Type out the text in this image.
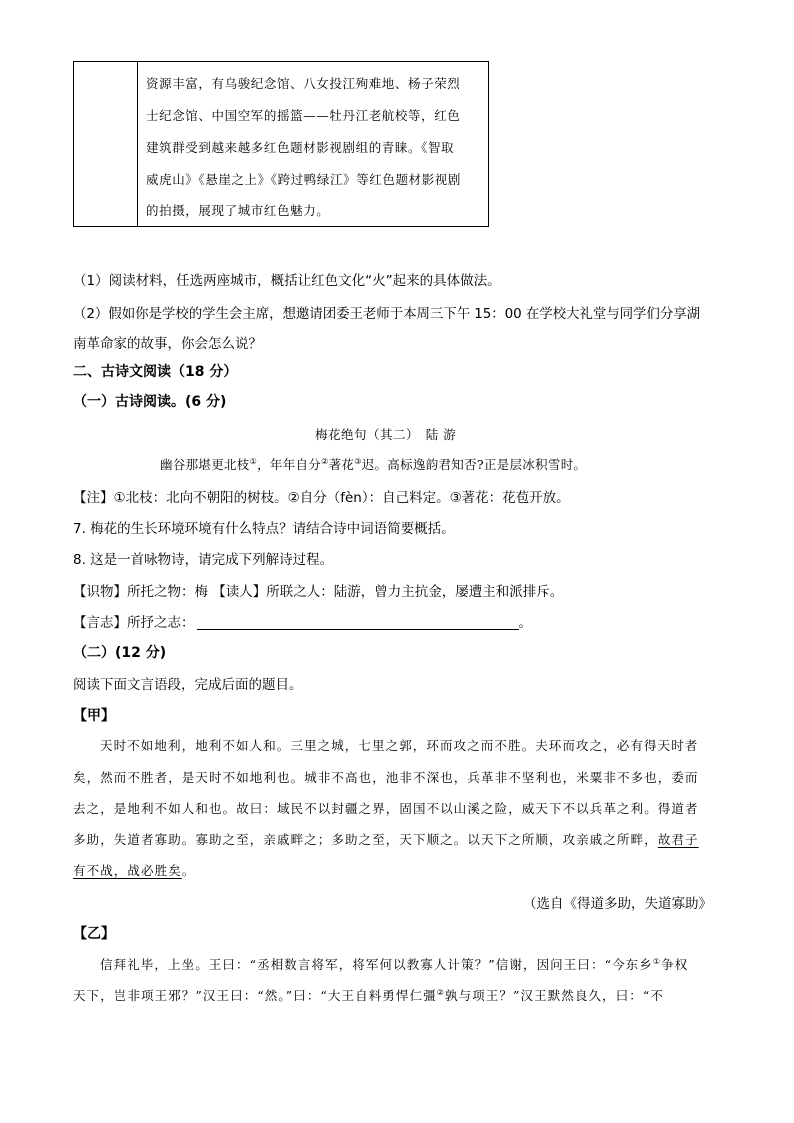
资源丰富，有乌骏纪念馆、八女投江殉难地、杨子荣烈
士纪念馆、中国空军的摇篮——牡丹江老航校等，红色
建筑群受到越来越多红色题材影视剧组的青睐。《智取
威虎山》《悬崖之上》《跨过鸭绿江》等红色题材影视剧
的拍摄，展现了城市红色魅力。
（1）阅读材料，任选两座城市，概括让红色文化“火”起来的具体做法。
（2）假如你是学校的学生会主席，想邀请团委王老师于本周三下午 15：00 在学校大礼堂与同学们分享湖
南革命家的故事，你会怎么说？
二、古诗文阅读（18 分）
（一）古诗阅读。(6 分)
梅花绝句（其二）　陆 游
幽谷那堪更北枝①，年年自分②著花③迟。高标逸韵君知否?正是层冰积雪时。
【注】①北枝：北向不朝阳的树枝。②自分（fèn）：自己料定。③著花：花苞开放。
7. 梅花的生长环境环境有什么特点？请结合诗中词语简要概括。
8. 这是一首咏物诗，请完成下列解诗过程。
【识物】所托之物：梅 【读人】所联之人：陆游，曾力主抗金，屡遭主和派排斥。
【言志】所抒之志：	。
（二）(12 分)
阅读下面文言语段，完成后面的题目。
【甲】
天时不如地利，地利不如人和。三里之城，七里之郭，环而攻之而不胜。夫环而攻之，必有得天时者
矣，然而不胜者，是天时不如地利也。城非不高也，池非不深也，兵革非不坚利也，米粟非不多也，委而
去之，是地利不如人和也。故曰：域民不以封疆之界，固国不以山溪之险，威天下不以兵革之利。得道者
多助，失道者寡助。寡助之至，亲戚畔之；多助之至，天下顺之。以天下之所顺，攻亲戚之所畔，故君子
有不战，战必胜矣。
（选自《得道多助，失道寡助》
【乙】
信拜礼毕，上坐。王曰：“丞相数言将军，将军何以教寡人计策？”信谢，因问王曰：“今东乡①争权
天下，岂非项王邪？”汉王曰：“然。”曰：“大王自料勇悍仁彊②孰与项王？”汉王默然良久，曰：“不
